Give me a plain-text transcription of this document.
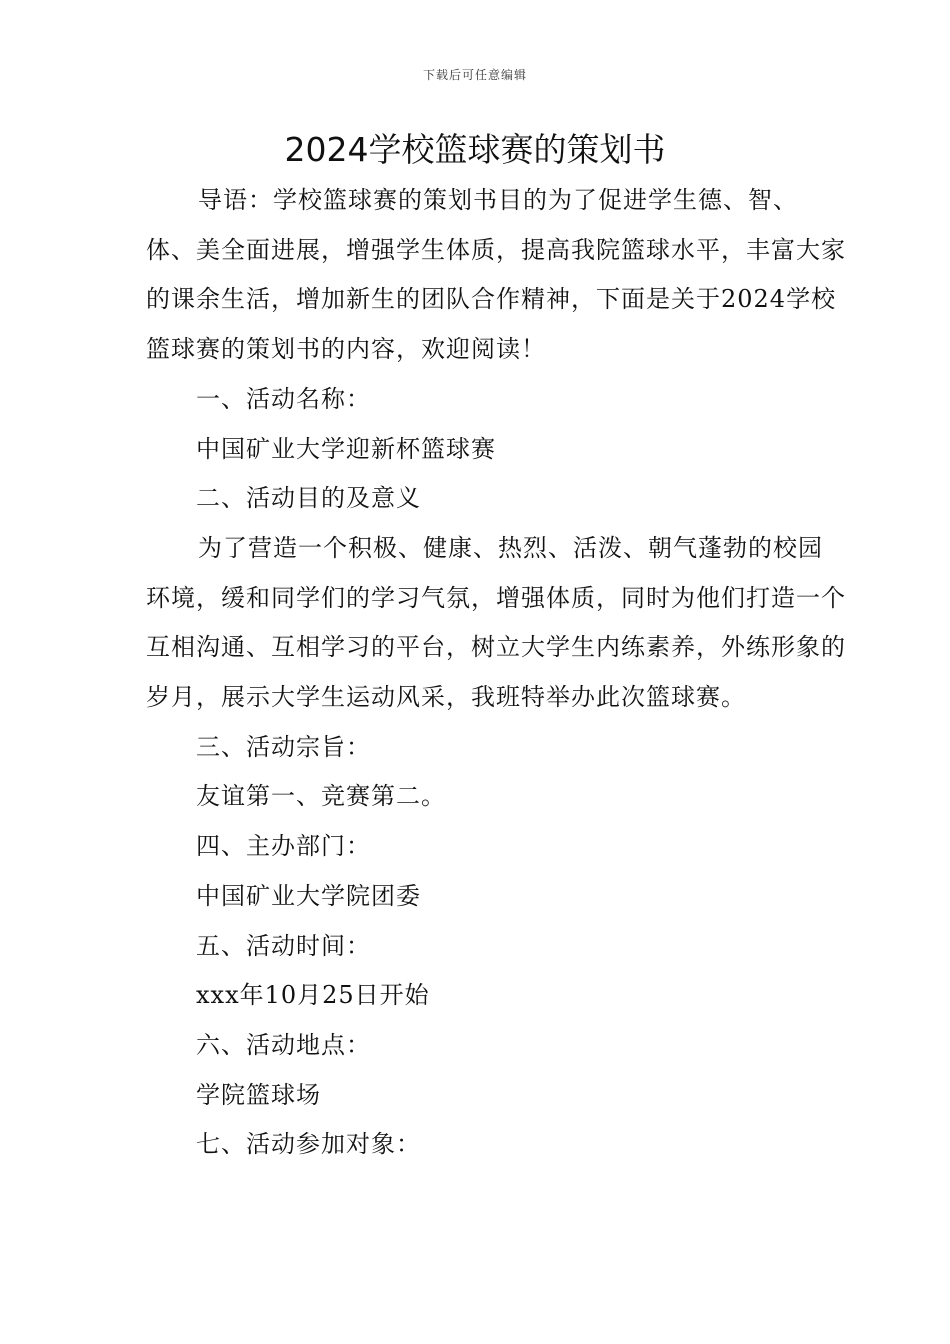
下载后可任意编辑
2024学校篮球赛的策划书

导语：学校篮球赛的策划书目的为了促进学生德、智、体、美全面进展，增强学生体质，提高我院篮球水平，丰富大家的课余生活，增加新生的团队合作精神，下面是关于2024学校篮球赛的策划书的内容，欢迎阅读！

一、活动名称：

中国矿业大学迎新杯篮球赛

二、活动目的及意义

为了营造一个积极、健康、热烈、活泼、朝气蓬勃的校园环境，缓和同学们的学习气氛，增强体质，同时为他们打造一个互相沟通、互相学习的平台，树立大学生内练素养，外练形象的岁月，展示大学生运动风采，我班特举办此次篮球赛。

三、活动宗旨：

友谊第一、竞赛第二。

四、主办部门：

中国矿业大学院团委

五、活动时间：

xxx年10月25日开始

六、活动地点：

学院篮球场

七、活动参加对象：
